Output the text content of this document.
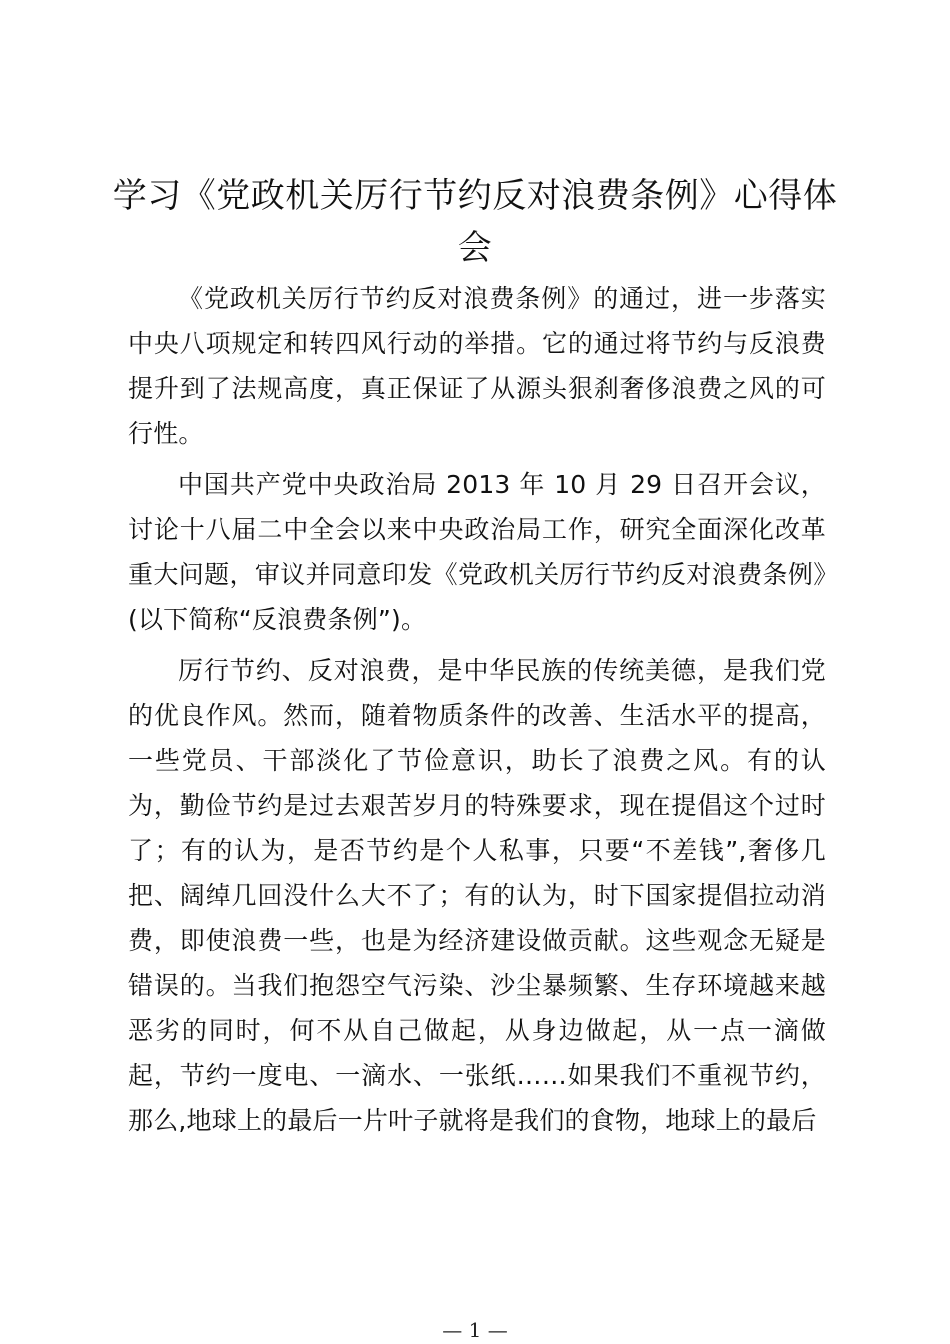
学习《党政机关厉行节约反对浪费条例》心得体会

《党政机关厉行节约反对浪费条例》的通过，进一步落实中央八项规定和转四风行动的举措。它的通过将节约与反浪费提升到了法规高度，真正保证了从源头狠刹奢侈浪费之风的可行性。

中国共产党中央政治局 2013 年 10 月 29 日召开会议，讨论十八届二中全会以来中央政治局工作，研究全面深化改革重大问题，审议并同意印发《党政机关厉行节约反对浪费条例》(以下简称“反浪费条例”)。

厉行节约、反对浪费，是中华民族的传统美德，是我们党的优良作风。然而，随着物质条件的改善、生活水平的提高，一些党员、干部淡化了节俭意识，助长了浪费之风。有的认为，勤俭节约是过去艰苦岁月的特殊要求，现在提倡这个过时了；有的认为，是否节约是个人私事，只要“不差钱”,奢侈几把、阔绰几回没什么大不了；有的认为，时下国家提倡拉动消费，即使浪费一些，也是为经济建设做贡献。这些观念无疑是错误的。当我们抱怨空气污染、沙尘暴频繁、生存环境越来越恶劣的同时，何不从自己做起，从身边做起，从一点一滴做起，节约一度电、一滴水、一张纸……如果我们不重视节约，那么,地球上的最后一片叶子就将是我们的食物，地球上的最后

— 1 —
